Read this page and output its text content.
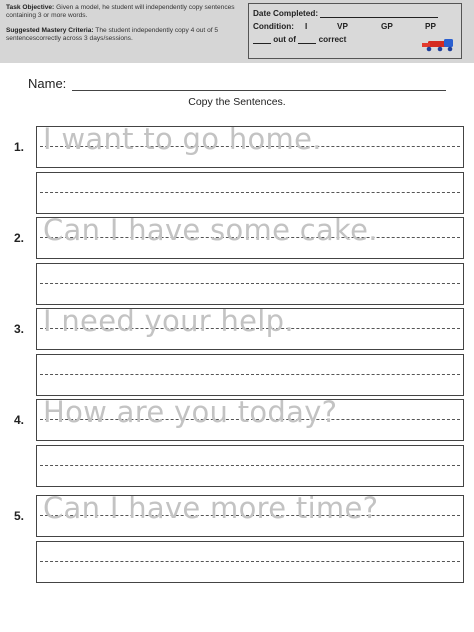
Task Objective: Given a model, he student will independently copy sentences containing 3 or more words.
Suggested Mastery Criteria: The student independently copy 4 out of 5 sentencescorrectly across 3 days/sessions.
Date Completed:
Condition: I	VP	GP	PP
out of	correct
Name:
Copy the Sentences.
1. I want to go home.
2. Can I have some cake.
3. I need your help.
4. How are you today?
5. Can I have more time?
